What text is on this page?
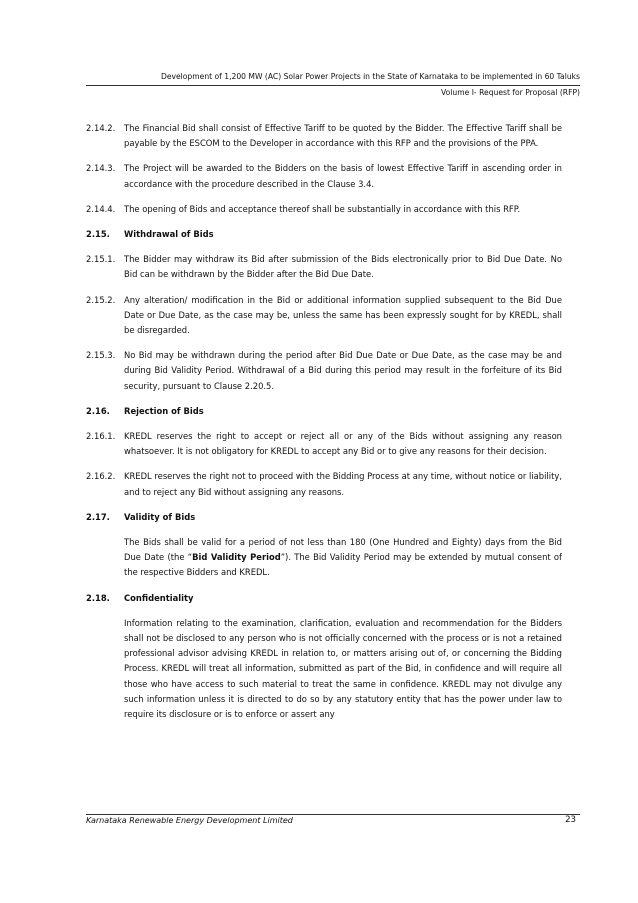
Development of 1,200 MW (AC) Solar Power Projects in the State of Karnataka to be implemented in 60 Taluks
Volume I- Request for Proposal (RFP)
2.14.2.	The Financial Bid shall consist of Effective Tariff to be quoted by the Bidder. The Effective Tariff shall be payable by the ESCOM to the Developer in accordance with this RFP and the provisions of the PPA.
2.14.3.	The Project will be awarded to the Bidders on the basis of lowest Effective Tariff in ascending order in accordance with the procedure described in the Clause 3.4.
2.14.4.	The opening of Bids and acceptance thereof shall be substantially in accordance with this RFP.
2.15.	Withdrawal of Bids
2.15.1.	The Bidder may withdraw its Bid after submission of the Bids electronically prior to Bid Due Date. No Bid can be withdrawn by the Bidder after the Bid Due Date.
2.15.2.	Any alteration/ modification in the Bid or additional information supplied subsequent to the Bid Due Date or Due Date, as the case may be, unless the same has been expressly sought for by KREDL, shall be disregarded.
2.15.3.	No Bid may be withdrawn during the period after Bid Due Date or Due Date, as the case may be and during Bid Validity Period. Withdrawal of a Bid during this period may result in the forfeiture of its Bid security, pursuant to Clause 2.20.5.
2.16.	Rejection of Bids
2.16.1.	KREDL reserves the right to accept or reject all or any of the Bids without assigning any reason whatsoever. It is not obligatory for KREDL to accept any Bid or to give any reasons for their decision.
2.16.2.	KREDL reserves the right not to proceed with the Bidding Process at any time, without notice or liability, and to reject any Bid without assigning any reasons.
2.17.	Validity of Bids
The Bids shall be valid for a period of not less than 180 (One Hundred and Eighty) days from the Bid Due Date (the “Bid Validity Period”). The Bid Validity Period may be extended by mutual consent of the respective Bidders and KREDL.
2.18.	Confidentiality
Information relating to the examination, clarification, evaluation and recommendation for the Bidders shall not be disclosed to any person who is not officially concerned with the process or is not a retained professional advisor advising KREDL in relation to, or matters arising out of, or concerning the Bidding Process. KREDL will treat all information, submitted as part of the Bid, in confidence and will require all those who have access to such material to treat the same in confidence. KREDL may not divulge any such information unless it is directed to do so by any statutory entity that has the power under law to require its disclosure or is to enforce or assert any
Karnataka Renewable Energy Development Limited	23
